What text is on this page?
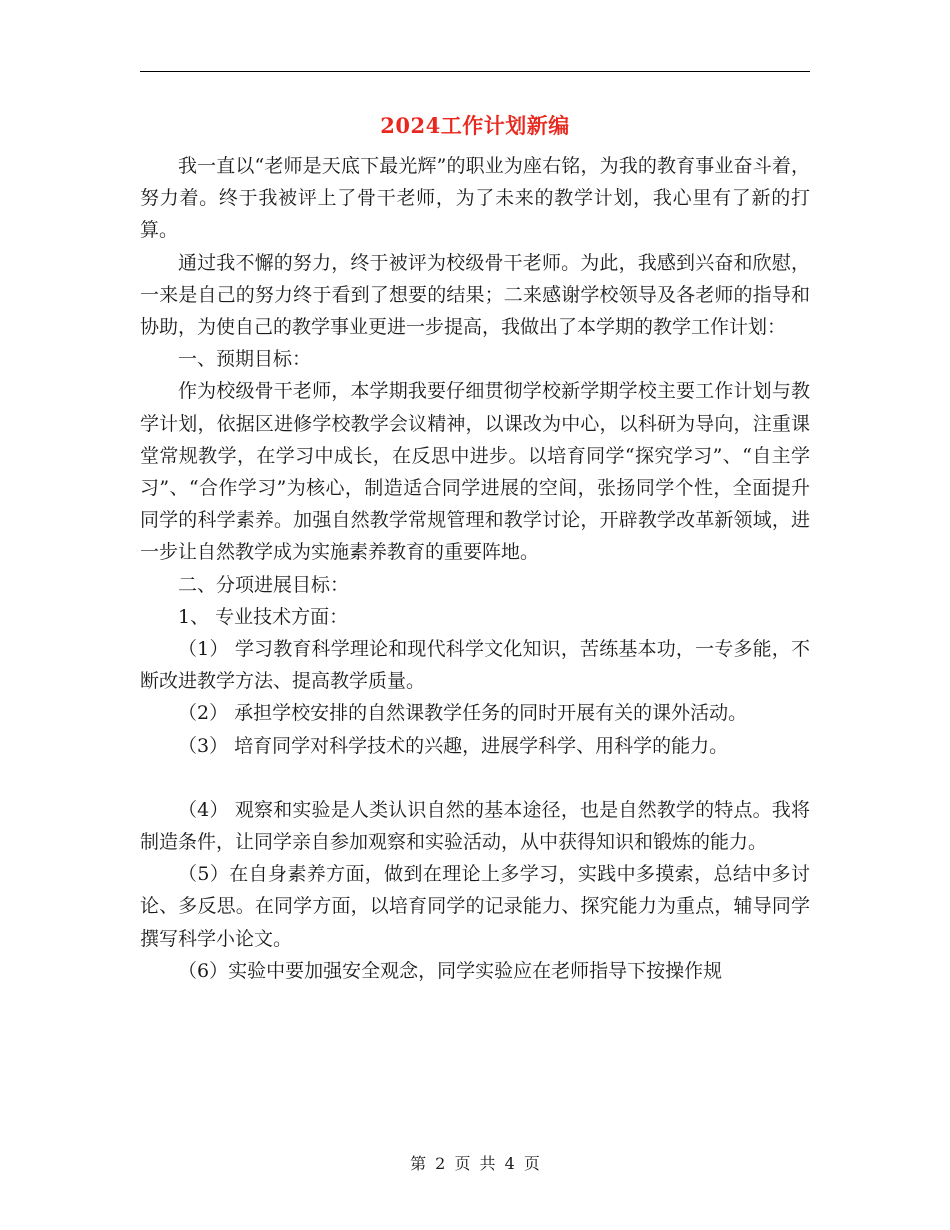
2024工作计划新编

我一直以“老师是天底下最光辉”的职业为座右铭，为我的教育事业奋斗着，努力着。终于我被评上了骨干老师，为了未来的教学计划，我心里有了新的打算。

通过我不懈的努力，终于被评为校级骨干老师。为此，我感到兴奋和欣慰，一来是自己的努力终于看到了想要的结果；二来感谢学校领导及各老师的指导和协助，为使自己的教学事业更进一步提高，我做出了本学期的教学工作计划：

一、预期目标：

作为校级骨干老师，本学期我要仔细贯彻学校新学期学校主要工作计划与教学计划，依据区进修学校教学会议精神，以课改为中心，以科研为导向，注重课堂常规教学，在学习中成长，在反思中进步。以培育同学“探究学习”、“自主学习”、“合作学习”为核心，制造适合同学进展的空间，张扬同学个性，全面提升同学的科学素养。加强自然教学常规管理和教学讨论，开辟教学改革新领域，进一步让自然教学成为实施素养教育的重要阵地。

二、分项进展目标：

1、 专业技术方面：

（1） 学习教育科学理论和现代科学文化知识，苦练基本功，一专多能，不断改进教学方法、提高教学质量。

（2） 承担学校安排的自然课教学任务的同时开展有关的课外活动。

（3） 培育同学对科学技术的兴趣，进展学科学、用科学的能力。

（4） 观察和实验是人类认识自然的基本途径，也是自然教学的特点。我将制造条件，让同学亲自参加观察和实验活动，从中获得知识和锻炼的能力。

（5）在自身素养方面，做到在理论上多学习，实践中多摸索，总结中多讨论、多反思。在同学方面，以培育同学的记录能力、探究能力为重点，辅导同学撰写科学小论文。

（6）实验中要加强安全观念，同学实验应在老师指导下按操作规

第 2 页 共 4 页
